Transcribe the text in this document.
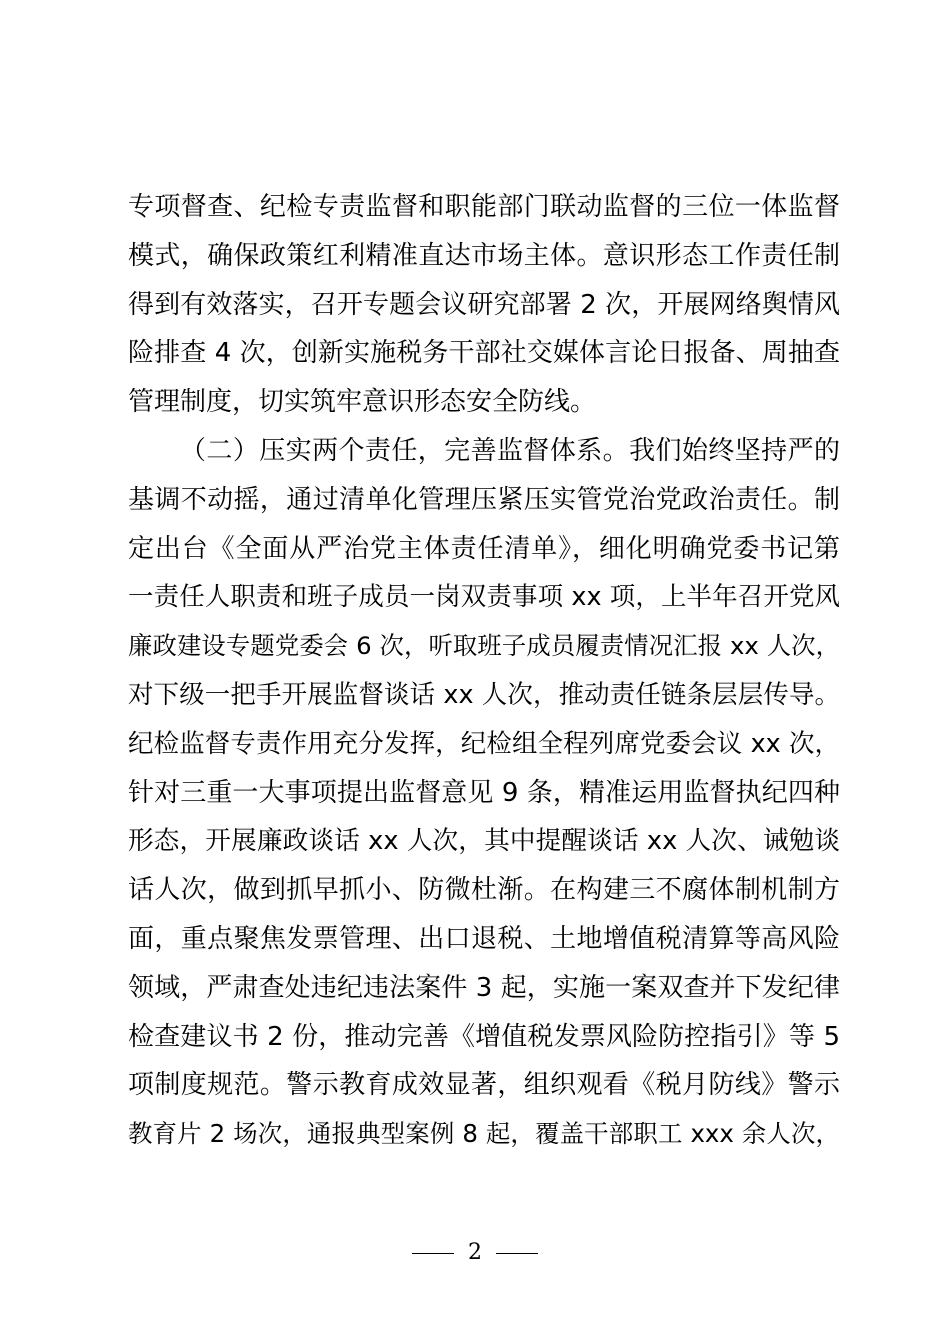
专项督查、纪检专责监督和职能部门联动监督的三位一体监督
模式，确保政策红利精准直达市场主体。意识形态工作责任制
得到有效落实，召开专题会议研究部署 2 次，开展网络舆情风
险排查 4 次，创新实施税务干部社交媒体言论日报备、周抽查
管理制度，切实筑牢意识形态安全防线。
（二）压实两个责任，完善监督体系。我们始终坚持严的
基调不动摇，通过清单化管理压紧压实管党治党政治责任。制
定出台《全面从严治党主体责任清单》，细化明确党委书记第
一责任人职责和班子成员一岗双责事项 xx 项，上半年召开党风
廉政建设专题党委会 6 次，听取班子成员履责情况汇报 xx 人次，
对下级一把手开展监督谈话 xx 人次，推动责任链条层层传导。
纪检监督专责作用充分发挥，纪检组全程列席党委会议 xx 次，
针对三重一大事项提出监督意见 9 条，精准运用监督执纪四种
形态，开展廉政谈话 xx 人次，其中提醒谈话 xx 人次、诫勉谈
话人次，做到抓早抓小、防微杜渐。在构建三不腐体制机制方
面，重点聚焦发票管理、出口退税、土地增值税清算等高风险
领域，严肃查处违纪违法案件 3 起，实施一案双查并下发纪律
检查建议书 2 份，推动完善《增值税发票风险防控指引》等 5
项制度规范。警示教育成效显著，组织观看《税月防线》警示
教育片 2 场次，通报典型案例 8 起，覆盖干部职工 xxx 余人次，
2
